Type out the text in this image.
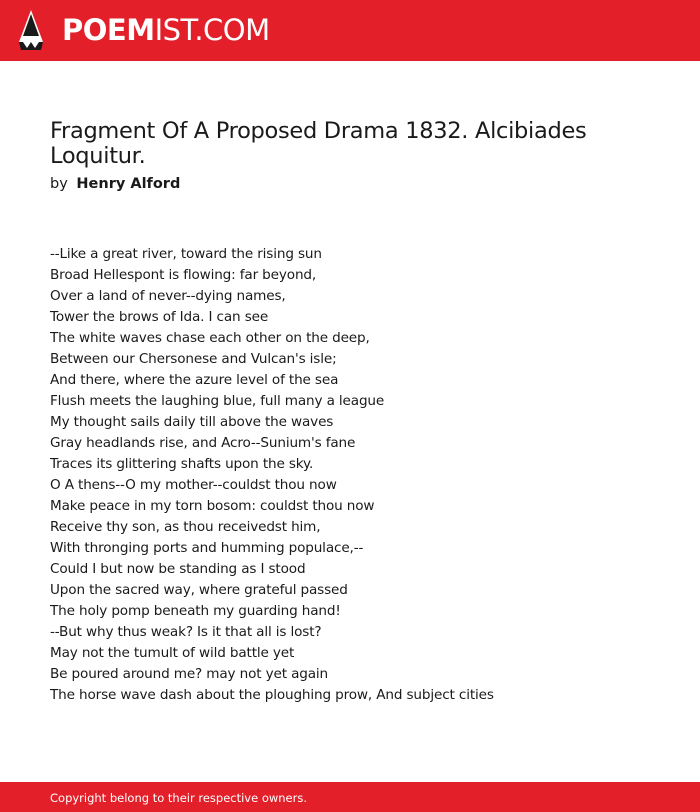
POEMIST.COM
Fragment Of A Proposed Drama 1832. Alcibiades Loquitur.
by Henry Alford
--Like a great river, toward the rising sun
Broad Hellespont is flowing: far beyond,
Over a land of never--dying names,
Tower the brows of Ida. I can see
The white waves chase each other on the deep,
Between our Chersonese and Vulcan's isle;
And there, where the azure level of the sea
Flush meets the laughing blue, full many a league
My thought sails daily till above the waves
Gray headlands rise, and Acro--Sunium's fane
Traces its glittering shafts upon the sky.
O A thens--O my mother--couldst thou now
Make peace in my torn bosom: couldst thou now
Receive thy son, as thou receivedst him,
With thronging ports and humming populace,--
Could I but now be standing as I stood
Upon the sacred way, where grateful passed
The holy pomp beneath my guarding hand!
--But why thus weak? Is it that all is lost?
May not the tumult of wild battle yet
Be poured around me? may not yet again
The horse wave dash about the ploughing prow, And subject cities
Copyright belong to their respective owners.
